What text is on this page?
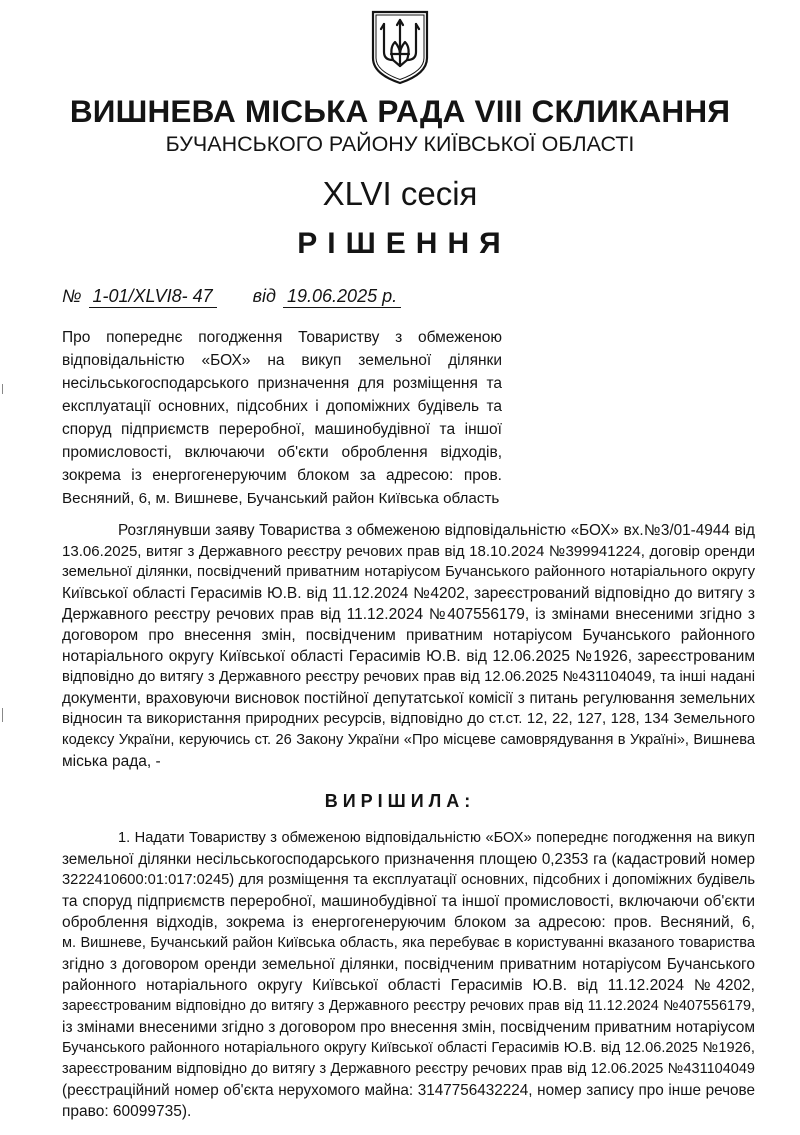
ВИШНЕВА МІСЬКА РАДА VIII СКЛИКАННЯ
БУЧАНСЬКОГО РАЙОНУ КИЇВСЬКОЇ ОБЛАСТІ
XLVI сесія
РІШЕННЯ
№ 1-01/XLVI8- 47 від 19.06.2025 р.
Про попереднє погодження Товариству з обмеженою
відповідальністю «БОХ» на викуп земельної ділянки
несільськогосподарського призначення для розміщення та
експлуатації основних, підсобних і допоміжних будівель та
споруд підприємств переробної, машинобудівної та іншої
промисловості, включаючи об'єкти оброблення відходів,
зокрема із енергогенеруючим блоком за адресою: пров.
Весняний, 6, м. Вишневе, Бучанський район Київська область
Розглянувши заяву Товариства з обмеженою відповідальністю «БОХ» вх.№3/01-4944 від
13.06.2025, витяг з Державного реєстру речових прав від 18.10.2024 №399941224, договір оренди
земельної ділянки, посвідчений приватним нотаріусом Бучанського районного нотаріального округу
Київської області Герасимів Ю.В. від 11.12.2024 №4202, зареєстрований відповідно до витягу з
Державного реєстру речових прав від 11.12.2024 №407556179, із змінами внесеними згідно з
договором про внесення змін, посвідченим приватним нотаріусом Бучанського районного
нотаріального округу Київської області Герасимів Ю.В. від 12.06.2025 №1926, зареєстрованим
відповідно до витягу з Державного реєстру речових прав від 12.06.2025 №431104049, та інші надані
документи, враховуючи висновок постійної депутатської комісії з питань регулювання земельних
відносин та використання природних ресурсів, відповідно до ст.ст. 12, 22, 127, 128, 134 Земельного
кодексу України, керуючись ст. 26 Закону України «Про місцеве самоврядування в Україні», Вишнева
міська рада, -
ВИРІШИЛА:
1. Надати Товариству з обмеженою відповідальністю «БОХ» попереднє погодження на викуп
земельної ділянки несільськогосподарського призначення площею 0,2353 га (кадастровий номер
3222410600:01:017:0245) для розміщення та експлуатації основних, підсобних і допоміжних будівель
та споруд підприємств переробної, машинобудівної та іншої промисловості, включаючи об'єкти
оброблення відходів, зокрема із енергогенеруючим блоком за адресою: пров. Весняний, 6,
м. Вишневе, Бучанський район Київська область, яка перебуває в користуванні вказаного товариства
згідно з договором оренди земельної ділянки, посвідченим приватним нотаріусом Бучанського
районного нотаріального округу Київської області Герасимів Ю.В. від 11.12.2024 №4202,
зареєстрованим відповідно до витягу з Державного реєстру речових прав від 11.12.2024 №407556179,
із змінами внесеними згідно з договором про внесення змін, посвідченим приватним нотаріусом
Бучанського районного нотаріального округу Київської області Герасимів Ю.В. від 12.06.2025 №1926,
зареєстрованим відповідно до витягу з Державного реєстру речових прав від 12.06.2025 №431104049
(реєстраційний номер об'єкта нерухомого майна: 3147756432224, номер запису про інше речове
право: 60099735).
